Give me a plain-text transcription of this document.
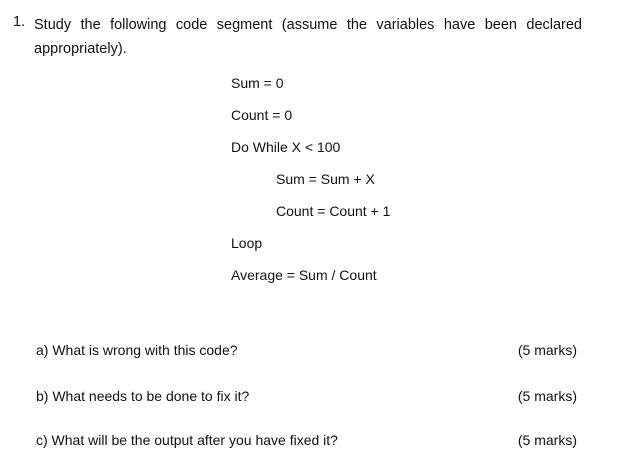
1. Study the following code segment (assume the variables have been declared appropriately).

Sum = 0
Count = 0
Do While X < 100
Sum = Sum + X
Count = Count + 1
Loop
Average = Sum / Count
a) What is wrong with this code?	(5 marks)
b) What needs to be done to fix it?	(5 marks)
c) What will be the output after you have fixed it?	(5 marks)
